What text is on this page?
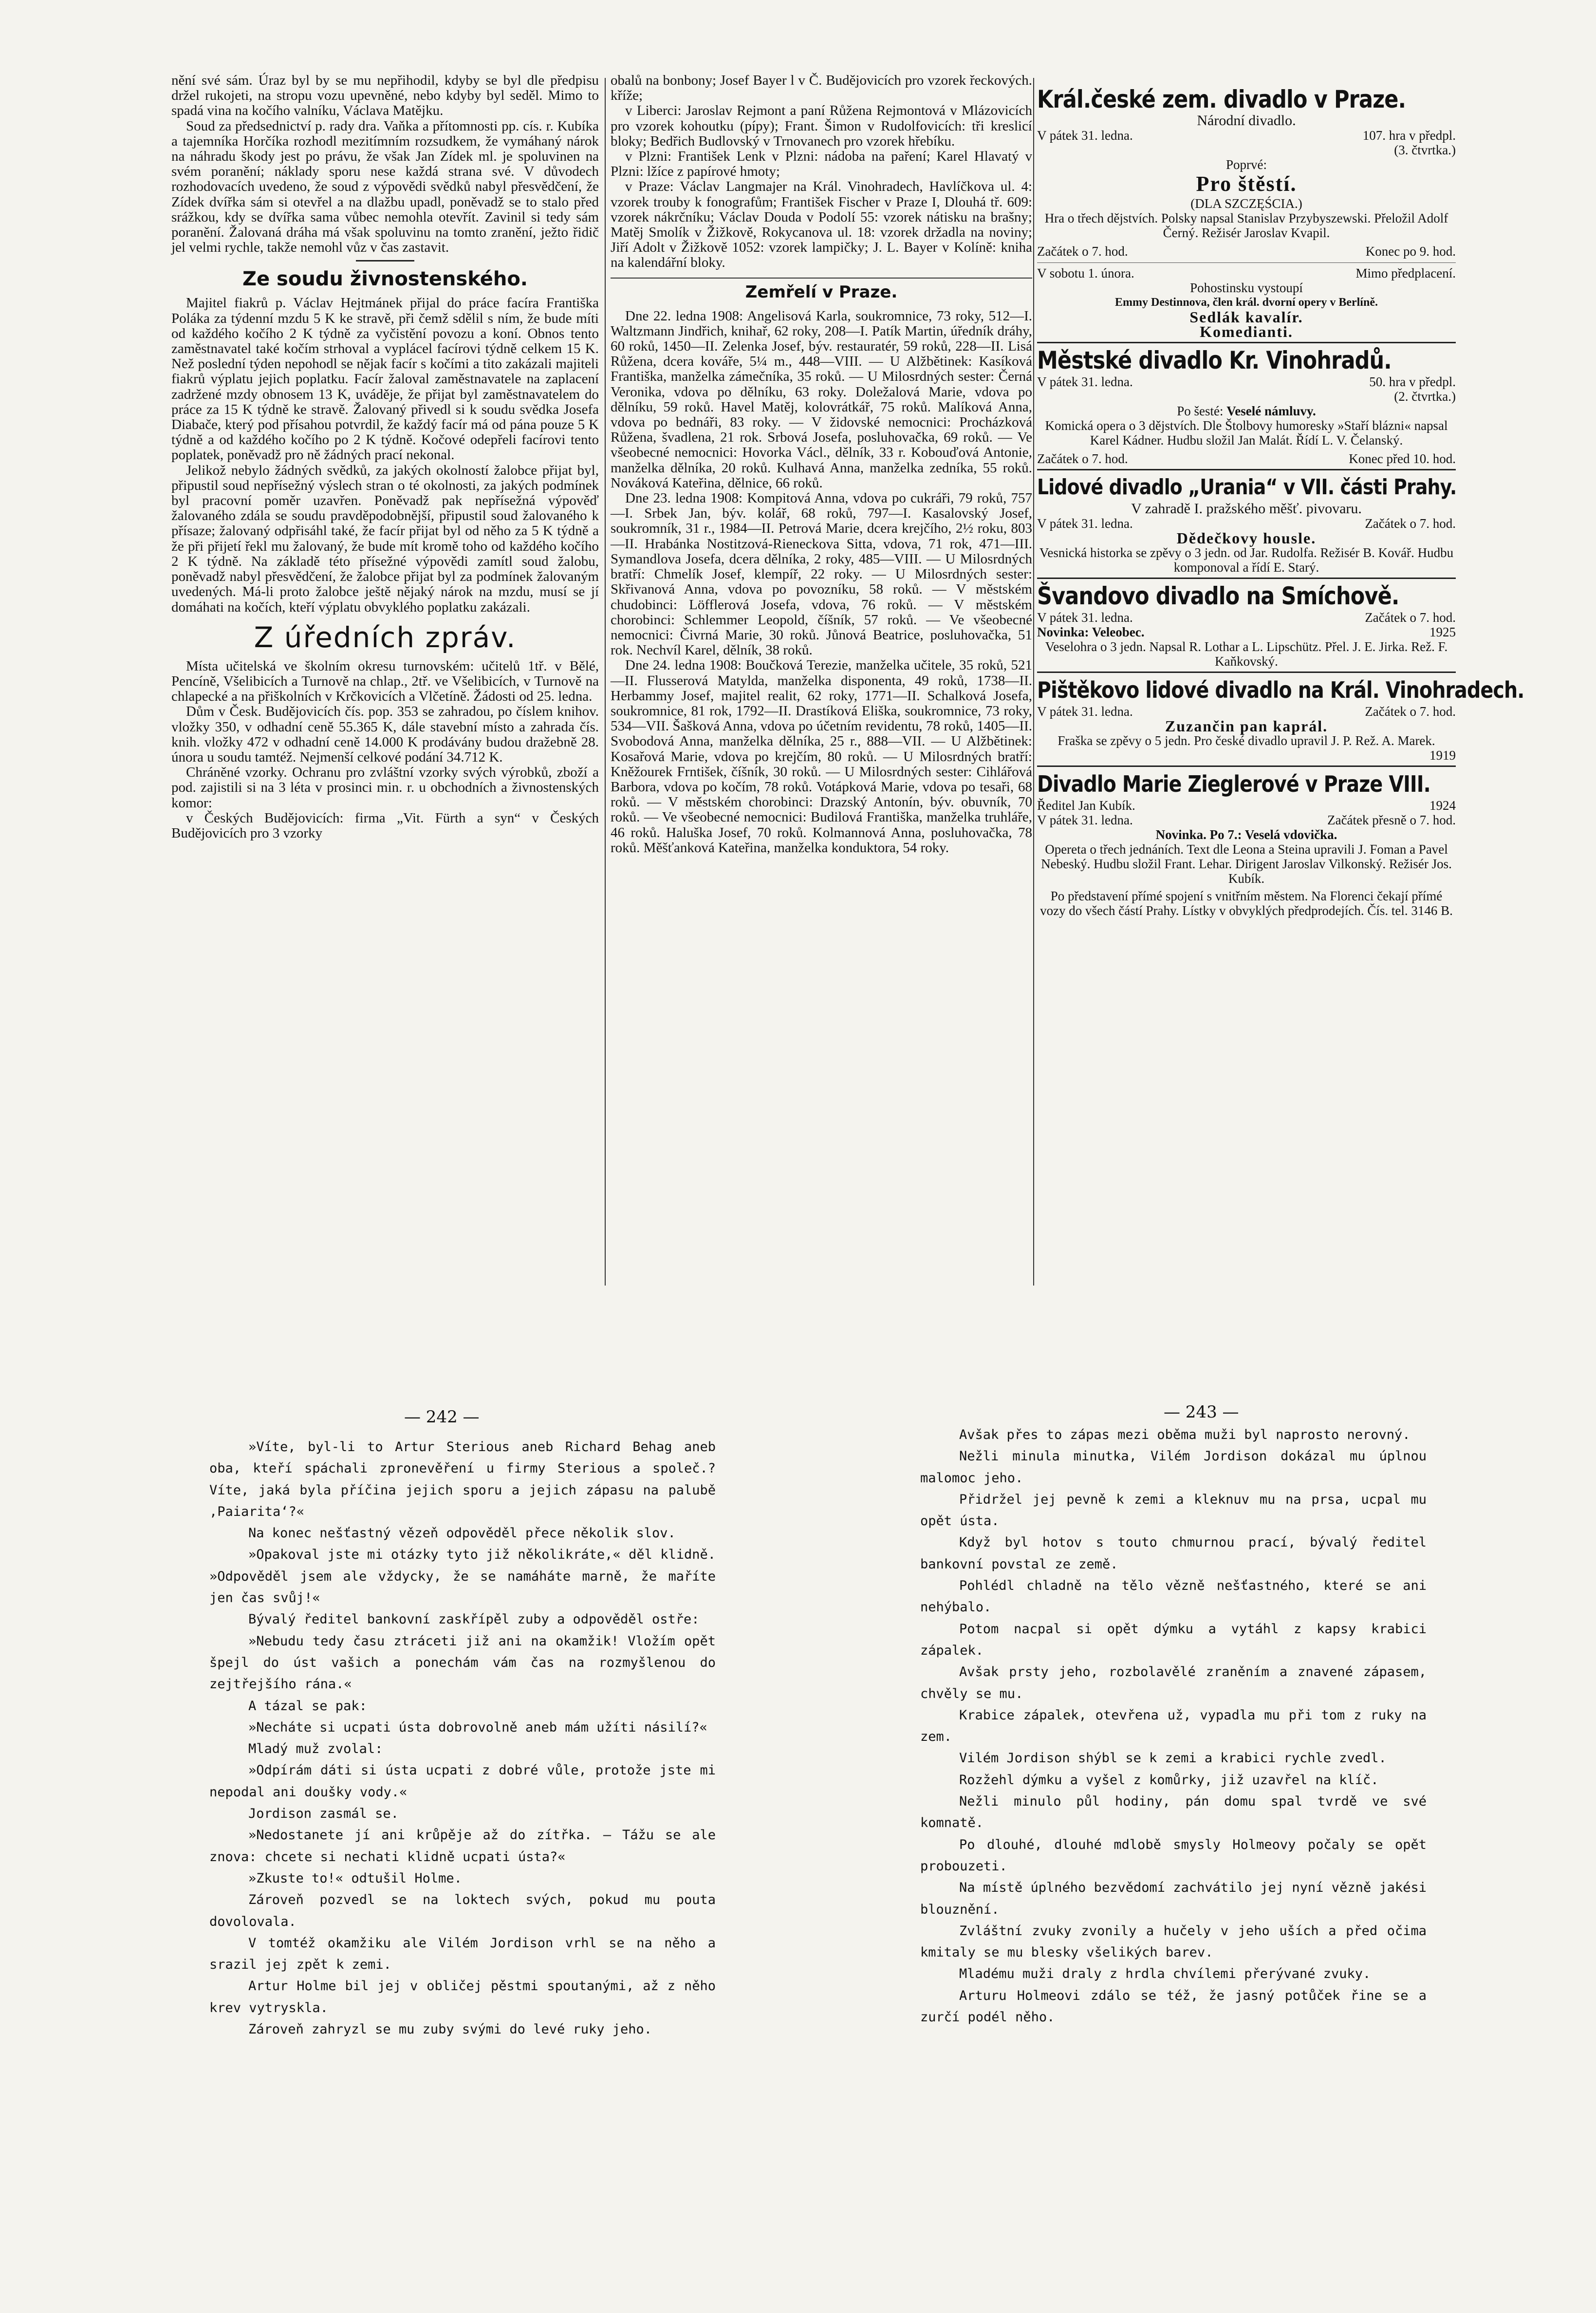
nění své sám. Úraz byl by se mu nepřihodil, kdyby se byl dle předpisu držel rukojeti, na stropu vozu upevněné, nebo kdyby byl seděl. Mimo to spadá vina na kočího valníku, Václava Matějku.

Soud za předsednictví p. rady dra. Vaňka a přítomnosti pp. cís. r. Kubíka a tajemníka Horčíka rozhodl mezitímním rozsudkem, že vymáhaný nárok na náhradu škody jest po právu, že však Jan Zídek ml. je spoluvinen na svém poranění; náklady sporu nese každá strana své. V důvodech rozhodovacích uvedeno, že soud z výpovědi svědků nabyl přesvědčení, že Zídek dvířka sám si otevřel a na dlažbu upadl, poněvadž se to stalo před srážkou, kdy se dvířka sama vůbec nemohla otevřít. Zavinil si tedy sám poranění. Žalovaná dráha má však spoluvinu na tomto zranění, ježto řidič jel velmi rychle, takže nemohl vůz v čas zastavit.

Ze soudu živnostenského.

Majitel fiakrů p. Václav Hejtmánek přijal do práce facíra Františka Poláka za týdenní mzdu 5 K ke stravě, při čemž sdělil s ním, že bude míti od každého kočího 2 K týdně za vyčistění povozu a koní. Obnos tento zaměstnavatel také kočím strhoval a vyplácel facírovi týdně celkem 15 K. Než poslední týden nepohodl se nějak facír s kočími a tito zakázali majiteli fiakrů výplatu jejich poplatku. Facír žaloval zaměstnavatele na zaplacení zadržené mzdy obnosem 13 K, uváděje, že přijat byl zaměstnavatelem do práce za 15 K týdně ke stravě. Žalovaný přivedl si k soudu svědka Josefa Diabače, který pod přísahou potvrdil, že každý facír má od pána pouze 5 K týdně a od každého kočího po 2 K týdně. Kočové odepřeli facírovi tento poplatek, poněvadž pro ně žádných prací nekonal.

Jelikož nebylo žádných svědků, za jakých okolností žalobce přijat byl, připustil soud nepřísežný výslech stran o té okolnosti, za jakých podmínek byl pracovní poměr uzavřen. Poněvadž pak nepřísežná výpověď žalovaného zdála se soudu pravděpodobnější, připustil soud žalovaného k přísaze; žalovaný odpřisáhl také, že facír přijat byl od něho za 5 K týdně a že při přijetí řekl mu žalovaný, že bude mít kromě toho od každého kočího 2 K týdně. Na základě této přísežné výpovědi zamítl soud žalobu, poněvadž nabyl přesvědčení, že žalobce přijat byl za podmínek žalovaným uvedených. Má-li proto žalobce ještě nějaký nárok na mzdu, musí se jí domáhati na kočích, kteří výplatu obvyklého poplatku zakázali.

Z úředních zpráv.

Místa učitelská ve školním okresu turnovském: učitelů 1tř. v Bělé, Pencíně, Všelibicích a Turnově na chlap., 2tř. ve Všelibicích, v Turnově na chlapecké a na přiškolních v Krčkovicích a Vlčetíně. Žádosti od 25. ledna.

Dům v Česk. Budějovicích čís. pop. 353 se zahradou, po číslem knihov. vložky 350, v odhadní ceně 55.365 K, dále stavební místo a zahrada čís. knih. vložky 472 v odhadní ceně 14.000 K prodávány budou dražebně 28. února u soudu tamtéž. Nejmenší celkové podání 34.712 K.

Chráněné vzorky. Ochranu pro zvláštní vzorky svých výrobků, zboží a pod. zajistili si na 3 léta v prosinci min. r. u obchodních a živnostenských komor:

v Českých Budějovicích: firma „Vit. Fürth a syn“ v Českých Budějovicích pro 3 vzorky

obalů na bonbony; Josef Bayer l v Č. Budějovicích pro vzorek řeckových. kříže;

v Liberci: Jaroslav Rejmont a paní Růžena Rejmontová v Mlázovicích pro vzorek kohoutku (pípy); Frant. Šimon v Rudolfovicích: tři kreslicí bloky; Bedřich Budlovský v Trnovanech pro vzorek hřebíku.

v Plzni: František Lenk v Plzni: nádoba na paření; Karel Hlavatý v Plzni: lžíce z papírové hmoty;

v Praze: Václav Langmajer na Král. Vinohradech, Havlíčkova ul. 4: vzorek trouby k fonografům; František Fischer v Praze I, Dlouhá tř. 609: vzorek nákrčníku; Václav Douda v Podolí 55: vzorek nátisku na brašny; Matěj Smolík v Žižkově, Rokycanova ul. 18: vzorek držadla na noviny; Jiří Adolt v Žižkově 1052: vzorek lampičky; J. L. Bayer v Kolíně: kniha na kalendářní bloky.

Zemřelí v Praze.

Dne 22. ledna 1908: Angelisová Karla, soukromnice, 73 roky, 512—I. Waltzmann Jindřich, knihař, 62 roky, 208—I. Patík Martin, úředník dráhy, 60 roků, 1450—II. Zelenka Josef, býv. restauratér, 59 roků, 228—II. Lisá Růžena, dcera kováře, 5¼ m., 448—VIII. — U Alžbětinek: Kasíková Františka, manželka zámečníka, 35 roků. — U Milosrdných sester: Černá Veronika, vdova po dělníku, 63 roky. Doležalová Marie, vdova po dělníku, 59 roků. Havel Matěj, kolovrátkář, 75 roků. Malíková Anna, vdova po bednáři, 83 roky. — V židovské nemocnici: Procházková Růžena, švadlena, 21 rok. Srbová Josefa, posluhovačka, 69 roků. — Ve všeobecné nemocnici: Hovorka Václ., dělník, 33 r. Kobouďová Antonie, manželka dělníka, 20 roků. Kulhavá Anna, manželka zedníka, 55 roků. Nováková Kateřina, dělnice, 66 roků.

Dne 23. ledna 1908: Kompitová Anna, vdova po cukráři, 79 roků, 757—I. Srbek Jan, býv. kolář, 68 roků, 797—I. Kasalovský Josef, soukromník, 31 r., 1984—II. Petrová Marie, dcera krejčího, 2½ roku, 803—II. Hrabánka Nostitzová-Rieneckova Sitta, vdova, 71 rok, 471—III. Symandlova Josefa, dcera dělníka, 2 roky, 485—VIII. — U Milosrdných bratří: Chmelík Josef, klempíř, 22 roky. — U Milosrdných sester: Skřivanová Anna, vdova po povozníku, 58 roků. — V městském chudobinci: Löfflerová Josefa, vdova, 76 roků. — V městském chorobinci: Schlemmer Leopold, číšník, 57 roků. — Ve všeobecné nemocnici: Čivrná Marie, 30 roků. Jůnová Beatrice, posluhovačka, 51 rok. Nechvíl Karel, dělník, 38 roků.

Dne 24. ledna 1908: Boučková Terezie, manželka učitele, 35 roků, 521—II. Flusserová Matylda, manželka disponenta, 49 roků, 1738—II. Herbammy Josef, majitel realit, 62 roky, 1771—II. Schalková Josefa, soukromnice, 81 rok, 1792—II. Drastíková Eliška, soukromnice, 73 roky, 534—VII. Šašková Anna, vdova po účetním revidentu, 78 roků, 1405—II. Svobodová Anna, manželka dělníka, 25 r., 888—VII. — U Alžbětinek: Kosařová Marie, vdova po krejčím, 80 roků. — U Milosrdných bratří: Kněžourek Frntišek, číšník, 30 roků. — U Milosrdných sester: Cihlářová Barbora, vdova po kočím, 78 roků. Votápková Marie, vdova po tesaři, 68 roků. — V městském chorobinci: Drazský Antonín, býv. obuvník, 70 roků. — Ve všeobecné nemocnici: Budilová Františka, manželka truhláře, 46 roků. Haluška Josef, 70 roků. Kolmannová Anna, posluhovačka, 78 roků. Měšťanková Kateřina, manželka konduktora, 54 roky.

Král.české zem. divadlo v Praze.
Národní divadlo.
V pátek 31. ledna.	107. hra v předpl.
(3. čtvrtka.)
Poprvé:
Pro štěstí.
(DLA SZCZĘŚCIA.)
Hra o třech dějstvích. Polsky napsal Stanislav Przybyszewski. Přeložil Adolf Černý. Režisér Jaroslav Kvapil.
Začátek o 7. hod.	Konec po 9. hod.
V sobotu 1. února.	Mimo předplacení.
Pohostinsku vystoupí
Emmy Destinnova, člen král. dvorní opery v Berlíně.
Sedlák kavalír.
Komedianti.
Městské divadlo Kr. Vinohradů.
V pátek 31. ledna.	50. hra v předpl.
(2. čtvrtka.)
Po šesté: Veselé námluvy.
Komická opera o 3 dějstvích. Dle Štolbovy humoresky »Staří blázni« napsal Karel Kádner. Hudbu složil Jan Malát. Řídí L. V. Čelanský.
Začátek o 7. hod.	Konec před 10. hod.
Lidové divadlo „Urania“ v VII. části Prahy.
V zahradě I. pražského měšť. pivovaru.
V pátek 31. ledna.	Začátek o 7. hod.
Dědečkovy housle.
Vesnická historka se zpěvy o 3 jedn. od Jar. Rudolfa. Režisér B. Kovář. Hudbu komponoval a řídí E. Starý.
Švandovo divadlo na Smíchově.
V pátek 31. ledna.	Začátek o 7. hod.
Novinka: Veleobec.	1925
Veselohra o 3 jedn. Napsal R. Lothar a L. Lipschütz. Přel. J. E. Jirka. Rež. F. Kaňkovský.
Pištěkovo lidové divadlo na Král. Vinohradech.
V pátek 31. ledna.	Začátek o 7. hod.
Zuzančin pan kaprál.
Fraška se zpěvy o 5 jedn. Pro české divadlo upravil J. P. Rež. A. Marek.
1919
Divadlo Marie Zieglerové v Praze VIII.
Ředitel Jan Kubík.	1924
V pátek 31. ledna.	Začátek přesně o 7. hod.
Novinka. Po 7.: Veselá vdovička.
Opereta o třech jednáních. Text dle Leona a Steina upravili J. Foman a Pavel Nebeský. Hudbu složil Frant. Lehar. Dirigent Jaroslav Vilkonský. Režisér Jos. Kubík.
Po představení přímé spojení s vnitřním městem. Na Florenci čekají přímé vozy do všech částí Prahy. Lístky v obvyklých předprodejích. Čís. tel. 3146 B.
— 242 —	— 243 —

»Víte, byl-li to Artur Sterious aneb Richard Behag aneb oba, kteří spáchali zpronevěření u firmy Sterious a společ.? Víte, jaká byla příčina jejich sporu a jejich zápasu na palubě ‚Paiarita‘?«

Na konec nešťastný vězeň odpověděl přece několik slov.

»Opakoval jste mi otázky tyto již několikráte,« děl klidně. »Odpověděl jsem ale vždycky, že se namáháte marně, že maříte jen čas svůj!«

Bývalý ředitel bankovní zaskřípěl zuby a odpověděl ostře:

»Nebudu tedy času ztráceti již ani na okamžik! Vložím opět špejl do úst vašich a ponechám vám čas na rozmyšlenou do zejtřejšího rána.«

A tázal se pak:

»Necháte si ucpati ústa dobrovolně aneb mám užíti násilí?«

Mladý muž zvolal:

»Odpírám dáti si ústa ucpati z dobré vůle, protože jste mi nepodal ani doušky vody.«

Jordison zasmál se.

»Nedostanete jí ani krůpěje až do zítřka. — Tážu se ale znova: chcete si nechati klidně ucpati ústa?«

»Zkuste to!« odtušil Holme.

Zároveň pozvedl se na loktech svých, pokud mu pouta dovolovala.

V tomtéž okamžiku ale Vilém Jordison vrhl se na něho a srazil jej zpět k zemi.

Artur Holme bil jej v obličej pěstmi spoutanými, až z něho krev vytryskla.

Zároveň zahryzl se mu zuby svými do levé ruky jeho.

Avšak přes to zápas mezi oběma muži byl naprosto nerovný.

Nežli minula minutka, Vilém Jordison dokázal mu úplnou malomoc jeho.

Přidržel jej pevně k zemi a kleknuv mu na prsa, ucpal mu opět ústa.

Když byl hotov s touto chmurnou prací, bývalý ředitel bankovní povstal ze země.

Pohlédl chladně na tělo vězně nešťastného, které se ani nehýbalo.

Potom nacpal si opět dýmku a vytáhl z kapsy krabici zápalek.

Avšak prsty jeho, rozbolavělé zraněním a znavené zápasem, chvěly se mu.

Krabice zápalek, otevřena už, vypadla mu při tom z ruky na zem.

Vilém Jordison shýbl se k zemi a krabici rychle zvedl.

Rozžehl dýmku a vyšel z komůrky, již uzavřel na klíč.

Nežli minulo půl hodiny, pán domu spal tvrdě ve své komnatě.

Po dlouhé, dlouhé mdlobě smysly Holmeovy počaly se opět probouzeti.

Na místě úplného bezvědomí zachvátilo jej nyní vězně jakési blouznění.

Zvláštní zvuky zvonily a hučely v jeho uších a před očima kmitaly se mu blesky všelikých barev.

Mladému muži draly z hrdla chvílemi přerývané zvuky.

Arturu Holmeovi zdálo se též, že jasný potůček řine se a zurčí podél něho.
